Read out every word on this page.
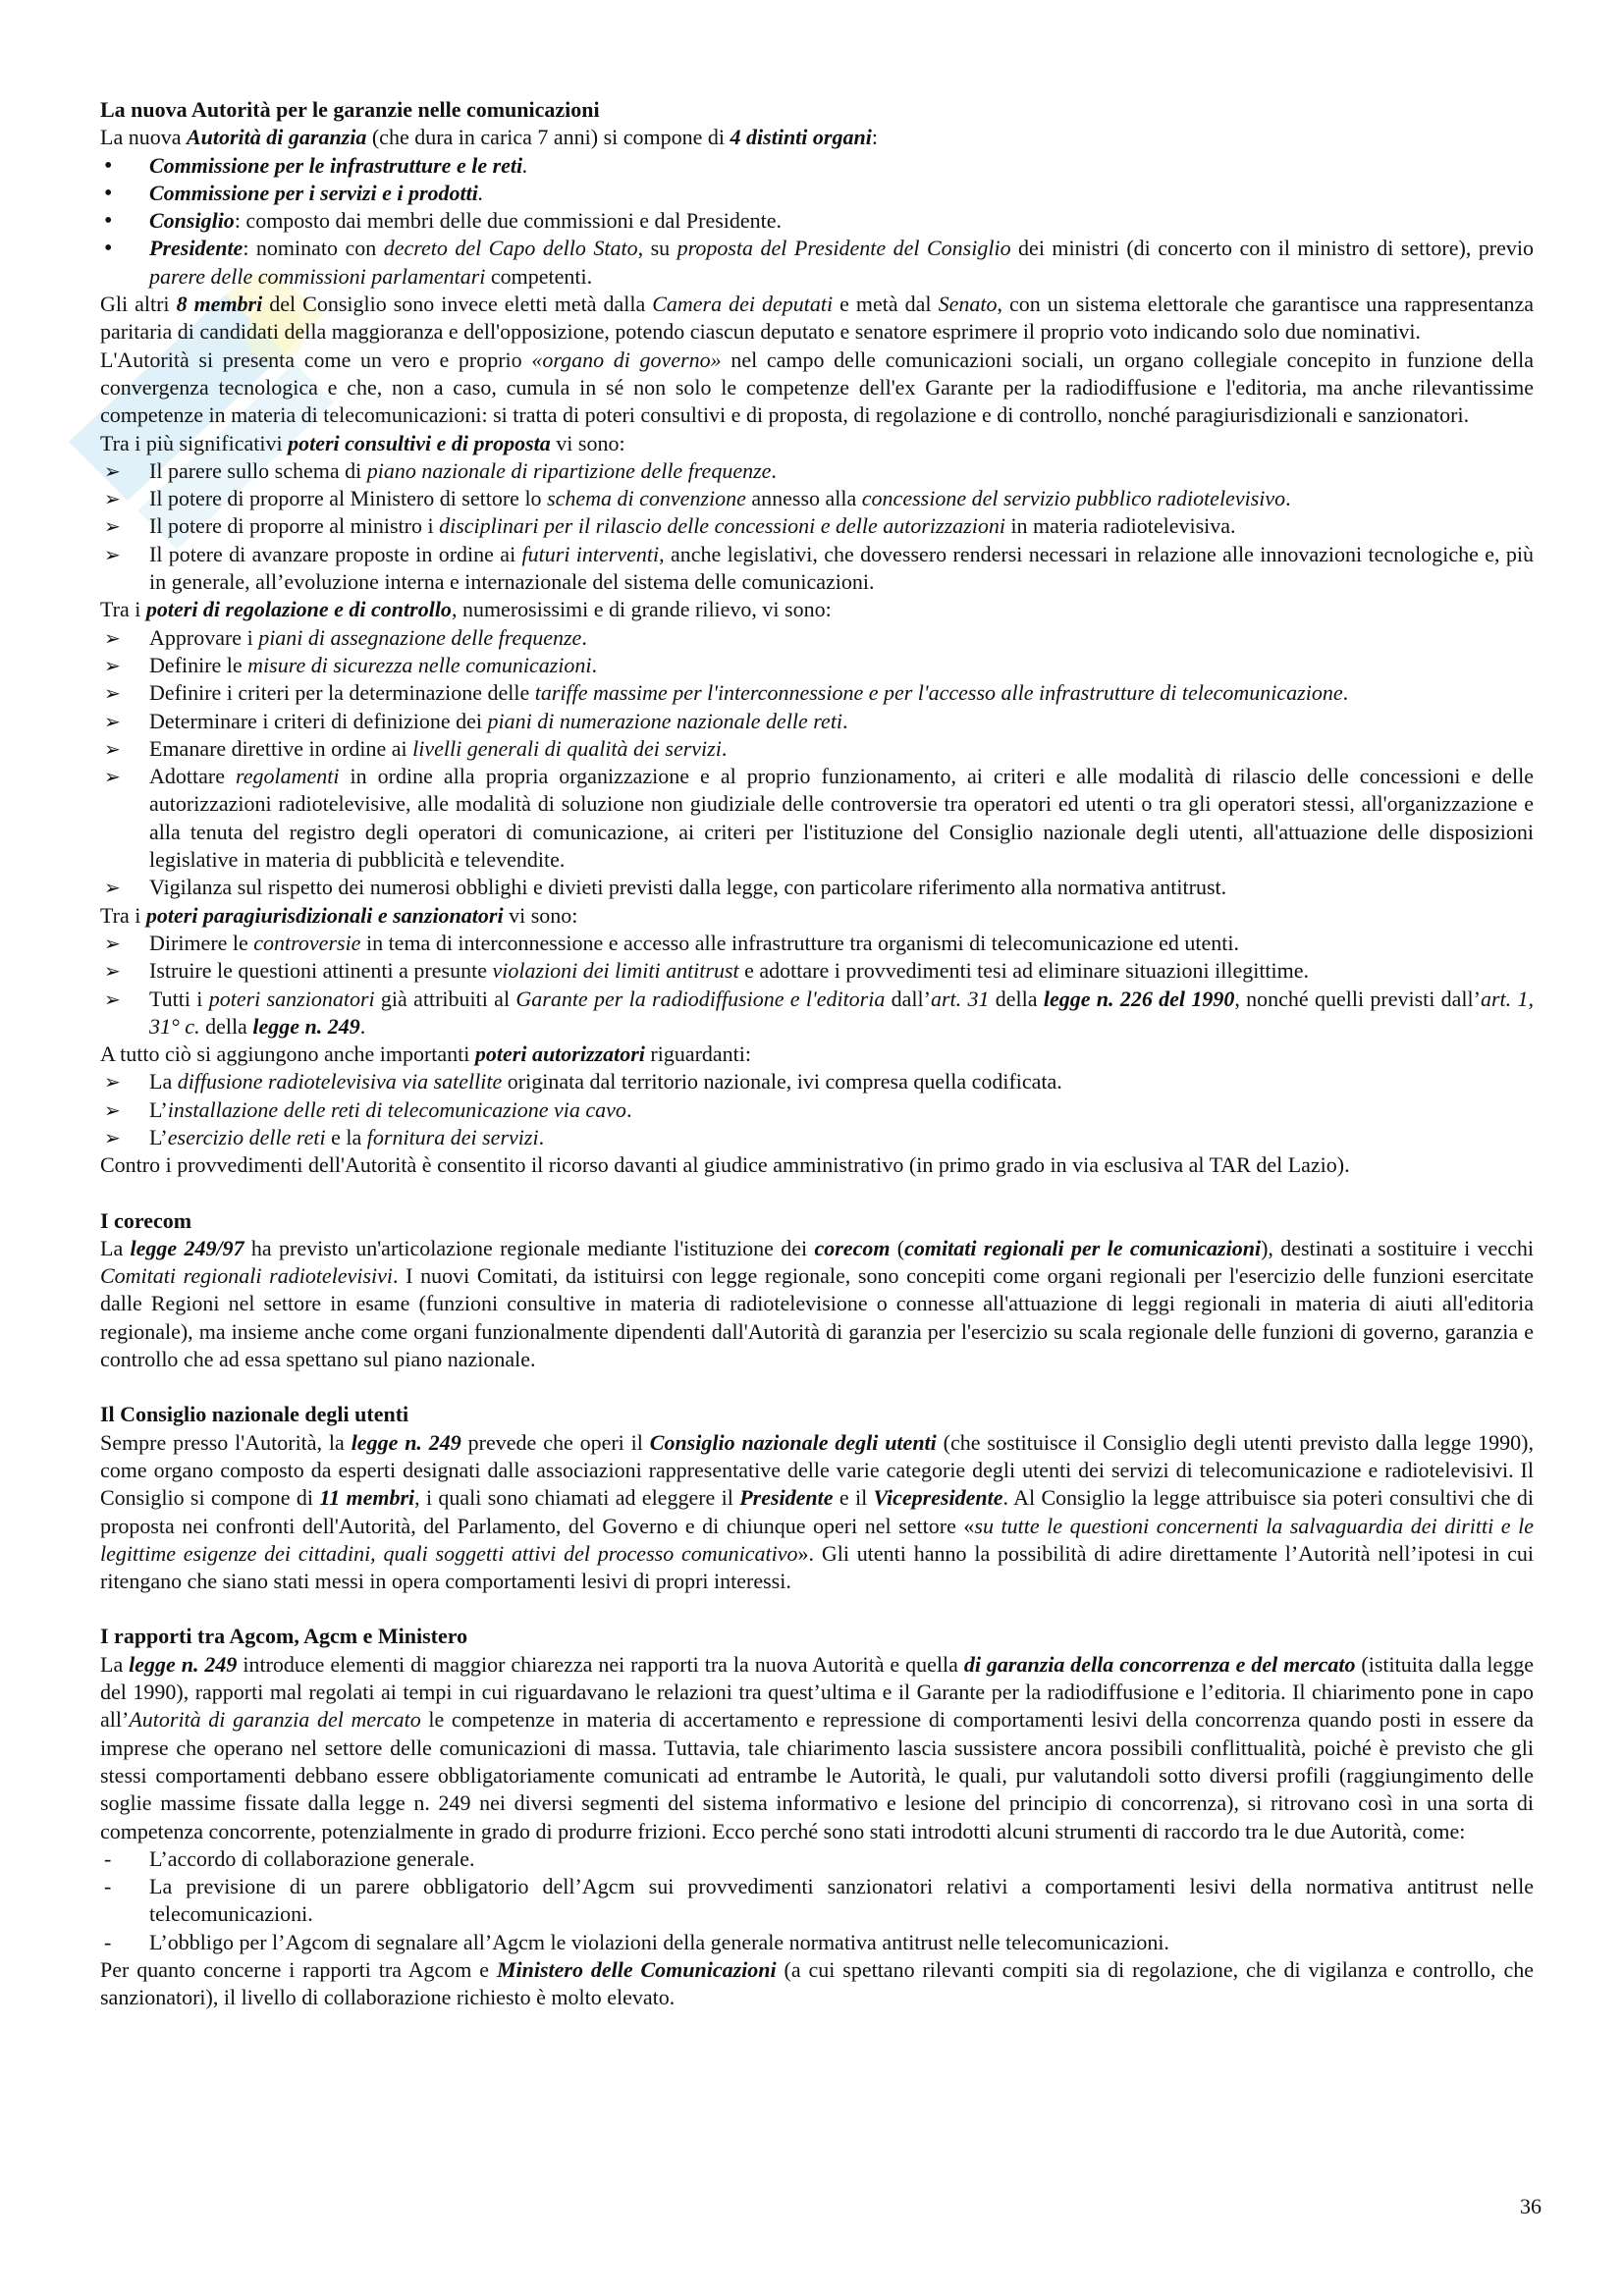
La nuova Autorità per le garanzie nelle comunicazioni

La nuova Autorità di garanzia (che dura in carica 7 anni) si compone di 4 distinti organi:

•
Commissione per le infrastrutture e le reti.
•
Commissione per i servizi e i prodotti.
•
Consiglio: composto dai membri delle due commissioni e dal Presidente.
•
Presidente: nominato con decreto del Capo dello Stato, su proposta del Presidente del Consiglio dei ministri (di concerto con il ministro di settore), previo parere delle commissioni parlamentari competenti.

Gli altri 8 membri del Consiglio sono invece eletti metà dalla Camera dei deputati e metà dal Senato, con un sistema elettorale che garantisce una rappresentanza paritaria di candidati della maggioranza e dell'opposizione, potendo ciascun deputato e senatore esprimere il proprio voto indicando solo due nominativi.

L'Autorità si presenta come un vero e proprio «organo di governo» nel campo delle comunicazioni sociali, un organo collegiale concepito in funzione della convergenza tecnologica e che, non a caso, cumula in sé non solo le competenze dell'ex Garante per la radiodiffusione e l'editoria, ma anche rilevantissime competenze in materia di telecomunicazioni: si tratta di poteri consultivi e di proposta, di regolazione e di controllo, nonché paragiurisdizionali e sanzionatori.

Tra i più significativi poteri consultivi e di proposta vi sono:

➢
Il parere sullo schema di piano nazionale di ripartizione delle frequenze.
➢
Il potere di proporre al Ministero di settore lo schema di convenzione annesso alla concessione del servizio pubblico radiotelevisivo.
➢
Il potere di proporre al ministro i disciplinari per il rilascio delle concessioni e delle autorizzazioni in materia radiotelevisiva.
➢
Il potere di avanzare proposte in ordine ai futuri interventi, anche legislativi, che dovessero rendersi necessari in relazione alle innovazioni tecnologiche e, più in generale, all’evoluzione interna e internazionale del sistema delle comunicazioni.

Tra i poteri di regolazione e di controllo, numerosissimi e di grande rilievo, vi sono:

➢
Approvare i piani di assegnazione delle frequenze.
➢
Definire le misure di sicurezza nelle comunicazioni.
➢
Definire i criteri per la determinazione delle tariffe massime per l'interconnessione e per l'accesso alle infrastrutture di telecomunicazione.
➢
Determinare i criteri di definizione dei piani di numerazione nazionale delle reti.
➢
Emanare direttive in ordine ai livelli generali di qualità dei servizi.
➢
Adottare regolamenti in ordine alla propria organizzazione e al proprio funzionamento, ai criteri e alle modalità di rilascio delle concessioni e delle autorizzazioni radiotelevisive, alle modalità di soluzione non giudiziale delle controversie tra operatori ed utenti o tra gli operatori stessi, all'organizzazione e alla tenuta del registro degli operatori di comunicazione, ai criteri per l'istituzione del Consiglio nazionale degli utenti, all'attuazione delle disposizioni legislative in materia di pubblicità e televendite.
➢
Vigilanza sul rispetto dei numerosi obblighi e divieti previsti dalla legge, con particolare riferimento alla normativa antitrust.

Tra i poteri paragiurisdizionali e sanzionatori vi sono:

➢
Dirimere le controversie in tema di interconnessione e accesso alle infrastrutture tra organismi di telecomunicazione ed utenti.
➢
Istruire le questioni attinenti a presunte violazioni dei limiti antitrust e adottare i provvedimenti tesi ad eliminare situazioni illegittime.
➢
Tutti i poteri sanzionatori già attribuiti al Garante per la radiodiffusione e l'editoria dall’art. 31 della legge n. 226 del 1990, nonché quelli previsti dall’art. 1, 31° c. della legge n. 249.

A tutto ciò si aggiungono anche importanti poteri autorizzatori riguardanti:

➢
La diffusione radiotelevisiva via satellite originata dal territorio nazionale, ivi compresa quella codificata.
➢
L’installazione delle reti di telecomunicazione via cavo.
➢
L’esercizio delle reti e la fornitura dei servizi.

Contro i provvedimenti dell'Autorità è consentito il ricorso davanti al giudice amministrativo (in primo grado in via esclusiva al TAR del Lazio).

I corecom

La legge 249/97 ha previsto un'articolazione regionale mediante l'istituzione dei corecom (comitati regionali per le comunicazioni), destinati a sostituire i vecchi Comitati regionali radiotelevisivi. I nuovi Comitati, da istituirsi con legge regionale, sono concepiti come organi regionali per l'esercizio delle funzioni esercitate dalle Regioni nel settore in esame (funzioni consultive in materia di radiotelevisione o connesse all'attuazione di leggi regionali in materia di aiuti all'editoria regionale), ma insieme anche come organi funzionalmente dipendenti dall'Autorità di garanzia per l'esercizio su scala regionale delle funzioni di governo, garanzia e controllo che ad essa spettano sul piano nazionale.

Il Consiglio nazionale degli utenti

Sempre presso l'Autorità, la legge n. 249 prevede che operi il Consiglio nazionale degli utenti (che sostituisce il Consiglio degli utenti previsto dalla legge 1990), come organo composto da esperti designati dalle associazioni rappresentative delle varie categorie degli utenti dei servizi di telecomunicazione e radiotelevisivi. Il Consiglio si compone di 11 membri, i quali sono chiamati ad eleggere il Presidente e il Vicepresidente. Al Consiglio la legge attribuisce sia poteri consultivi che di proposta nei confronti dell'Autorità, del Parlamento, del Governo e di chiunque operi nel settore «su tutte le questioni concernenti la salvaguardia dei diritti e le legittime esigenze dei cittadini, quali soggetti attivi del processo comunicativo». Gli utenti hanno la possibilità di adire direttamente l’Autorità nell’ipotesi in cui ritengano che siano stati messi in opera comportamenti lesivi di propri interessi.

I rapporti tra Agcom, Agcm e Ministero

La legge n. 249 introduce elementi di maggior chiarezza nei rapporti tra la nuova Autorità e quella di garanzia della concorrenza e del mercato (istituita dalla legge del 1990), rapporti mal regolati ai tempi in cui riguardavano le relazioni tra quest’ultima e il Garante per la radiodiffusione e l’editoria. Il chiarimento pone in capo all’Autorità di garanzia del mercato le competenze in materia di accertamento e repressione di comportamenti lesivi della concorrenza quando posti in essere da imprese che operano nel settore delle comunicazioni di massa. Tuttavia, tale chiarimento lascia sussistere ancora possibili conflittualità, poiché è previsto che gli stessi comportamenti debbano essere obbligatoriamente comunicati ad entrambe le Autorità, le quali, pur valutandoli sotto diversi profili (raggiungimento delle soglie massime fissate dalla legge n. 249 nei diversi segmenti del sistema informativo e lesione del principio di concorrenza), si ritrovano così in una sorta di competenza concorrente, potenzialmente in grado di produrre frizioni. Ecco perché sono stati introdotti alcuni strumenti di raccordo tra le due Autorità, come:

-
L’accordo di collaborazione generale.
-
La previsione di un parere obbligatorio dell’Agcm sui provvedimenti sanzionatori relativi a comportamenti lesivi della normativa antitrust nelle telecomunicazioni.
-
L’obbligo per l’Agcom di segnalare all’Agcm le violazioni della generale normativa antitrust nelle telecomunicazioni.

Per quanto concerne i rapporti tra Agcom e Ministero delle Comunicazioni (a cui spettano rilevanti compiti sia di regolazione, che di vigilanza e controllo, che sanzionatori), il livello di collaborazione richiesto è molto elevato.

36
